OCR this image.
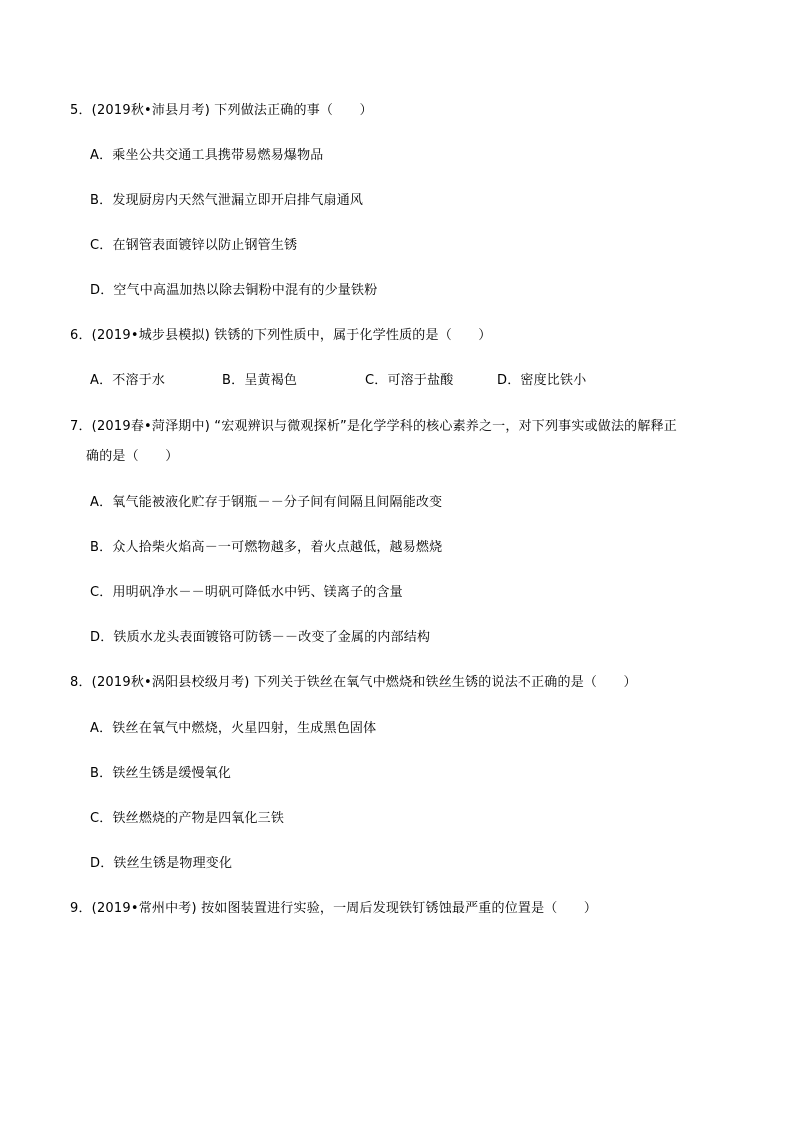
5．(2019秋•沛县月考) 下列做法正确的事（　　）
A．乘坐公共交通工具携带易燃易爆物品
B．发现厨房内天然气泄漏立即开启排气扇通风
C．在钢管表面镀锌以防止钢管生锈
D．空气中高温加热以除去铜粉中混有的少量铁粉
6．(2019•城步县模拟) 铁锈的下列性质中，属于化学性质的是（　　）
A．不溶于水	B．呈黄褐色	C．可溶于盐酸	D．密度比铁小
7．(2019春•菏泽期中) “宏观辨识与微观探析”是化学学科的核心素养之一，对下列事实或做法的解释正
确的是（　　）
A．氧气能被液化贮存于钢瓶－－分子间有间隔且间隔能改变
B．众人拾柴火焰高－一可燃物越多，着火点越低，越易燃烧
C．用明矾净水－－明矾可降低水中钙、镁离子的含量
D．铁质水龙头表面镀铬可防锈－－改变了金属的内部结构
8．(2019秋•涡阳县校级月考) 下列关于铁丝在氧气中燃烧和铁丝生锈的说法不正确的是（　　）
A．铁丝在氧气中燃烧，火星四射，生成黑色固体
B．铁丝生锈是缓慢氧化
C．铁丝燃烧的产物是四氧化三铁
D．铁丝生锈是物理变化
9．(2019•常州中考) 按如图装置进行实验，一周后发现铁钉锈蚀最严重的位置是（　　）
